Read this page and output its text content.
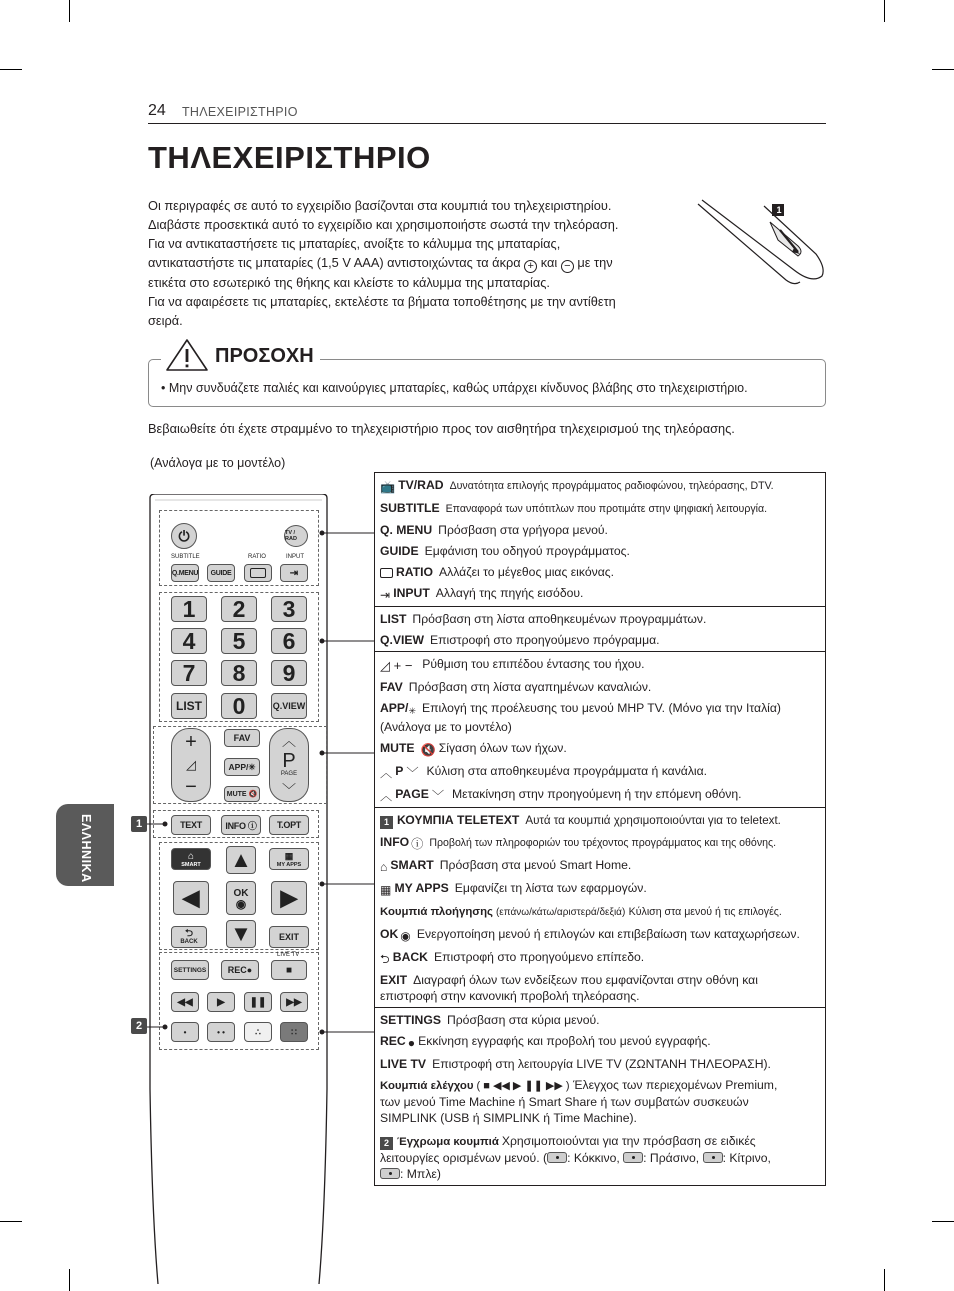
24 ΤΗΛΕΧΕΙΡΙΣΤΗΡΙΟ
ΤΗΛΕΧΕΙΡΙΣΤΗΡΙΟ
Οι περιγραφές σε αυτό το εγχειρίδιο βασίζονται στα κουμπιά του τηλεχειριστηρίου.
Διαβάστε προσεκτικά αυτό το εγχειρίδιο και χρησιμοποιήστε σωστά την τηλεόραση.
Για να αντικαταστήσετε τις μπαταρίες, ανοίξτε το κάλυμμα της μπαταρίας,
αντικαταστήστε τις μπαταρίες (1,5 V AAA) αντιστοιχώντας τα άκρα + και − με την
ετικέτα στο εσωτερικό της θήκης και κλείστε το κάλυμμα της μπαταρίας.
Για να αφαιρέσετε τις μπαταρίες, εκτελέστε τα βήματα τοποθέτησης με την αντίθετη
σειρά.
1
ΠΡΟΣΟΧΗ
• Μην συνδυάζετε παλιές και καινούργιες μπαταρίες, καθώς υπάρχει κίνδυνος βλάβης στο τηλεχειριστήριο.
Βεβαιωθείτε ότι έχετε στραμμένο το τηλεχειριστήριο προς τον αισθητήρα τηλεχειρισμού της τηλεόρασης.
(Ανάλογα με το μοντέλο)
ΕΛΛΗΝΙΚΑ	1
2
⏻	TV / RAD
SUBTITLE	RATIO	INPUT
Q.MENU	GUIDE	⇥
1	2	3
4	5	6
7	8	9
LIST	0	Q.VIEW
+
◿
−
FAV
APP/✳
MUTE 🔇
︿
P
PAGE
﹀
TEXT	INFO ⓘ	T.OPT
⌂
SMART
▦
MY APPS
▲
◀	OK
◉ ▶
▼
⮌
BACK	EXIT
LIVE TV
SETTINGS	REC●	■
◀◀ ▶ ❚❚ ▶▶
•	• •	∴	∷
📺 TV/RAD Δυνατότητα επιλογής προγράμματος ραδιοφώνου, τηλεόρασης, DTV.
SUBTITLE Επαναφορά των υπότιτλων που προτιμάτε στην ψηφιακή λειτουργία.
Q. MENU Πρόσβαση στα γρήγορα μενού.
GUIDE Εμφάνιση του οδηγού προγράμματος.
RATIO Αλλάζει το μέγεθος μιας εικόνας.
⇥ INPUT Αλλαγή της πηγής εισόδου.
LIST Πρόσβαση στη λίστα αποθηκευμένων προγραμμάτων.
Q.VIEW Επιστροφή στο προηγούμενο πρόγραμμα.
◿ + − Ρύθμιση του επιπέδου έντασης του ήχου.
FAV Πρόσβαση στη λίστα αγαπημένων καναλιών.
APP/✳ Επιλογή της προέλευσης του μενού MHP TV. (Μόνο για την Ιταλία)
(Ανάλογα με το μοντέλο)
MUTE 🔇 Σίγαση όλων των ήχων.
︿ P ﹀ Κύλιση στα αποθηκευμένα προγράμματα ή κανάλια.
︿ PAGE ﹀ Μετακίνηση στην προηγούμενη ή την επόμενη οθόνη.
1 ΚΟΥΜΠΙΑ TELETEXT Αυτά τα κουμπιά χρησιμοποιούνται για το teletext.
INFO ⓘ Προβολή των πληροφοριών του τρέχοντος προγράμματος και της οθόνης.
⌂ SMART Πρόσβαση στα μενού Smart Home.
▦ MY APPS Εμφανίζει τη λίστα των εφαρμογών.
Κουμπιά πλοήγησης (επάνω/κάτω/αριστερά/δεξιά) Κύλιση στα μενού ή τις επιλογές.
OK ◉ Ενεργοποίηση μενού ή επιλογών και επιβεβαίωση των καταχωρήσεων.
⮌ BACK Επιστροφή στο προηγούμενο επίπεδο.
EXIT Διαγραφή όλων των ενδείξεων που εμφανίζονται στην οθόνη και
επιστροφή στην κανονική προβολή τηλεόρασης.
SETTINGS Πρόσβαση στα κύρια μενού.
REC ● Εκκίνηση εγγραφής και προβολή του μενού εγγραφής.
LIVE TV Επιστροφή στη λειτουργία LIVE TV (ΖΩΝΤΑΝΗ ΤΗΛΕΟΡΑΣΗ).
Κουμπιά ελέγχου ( ■ ◀◀ ▶ ❚❚ ▶▶ ) Έλεγχος των περιεχομένων Premium,
των μενού Time Machine ή Smart Share ή των συμβατών συσκευών
SIMPLINK (USB ή SIMPLINK ή Time Machine).
2 Έγχρωμα κουμπιά Χρησιμοποιούνται για την πρόσβαση σε ειδικές
λειτουργίες ορισμένων μενού. ( : Κόκκινο, : Πράσινο, : Κίτρινο,
: Μπλε)
